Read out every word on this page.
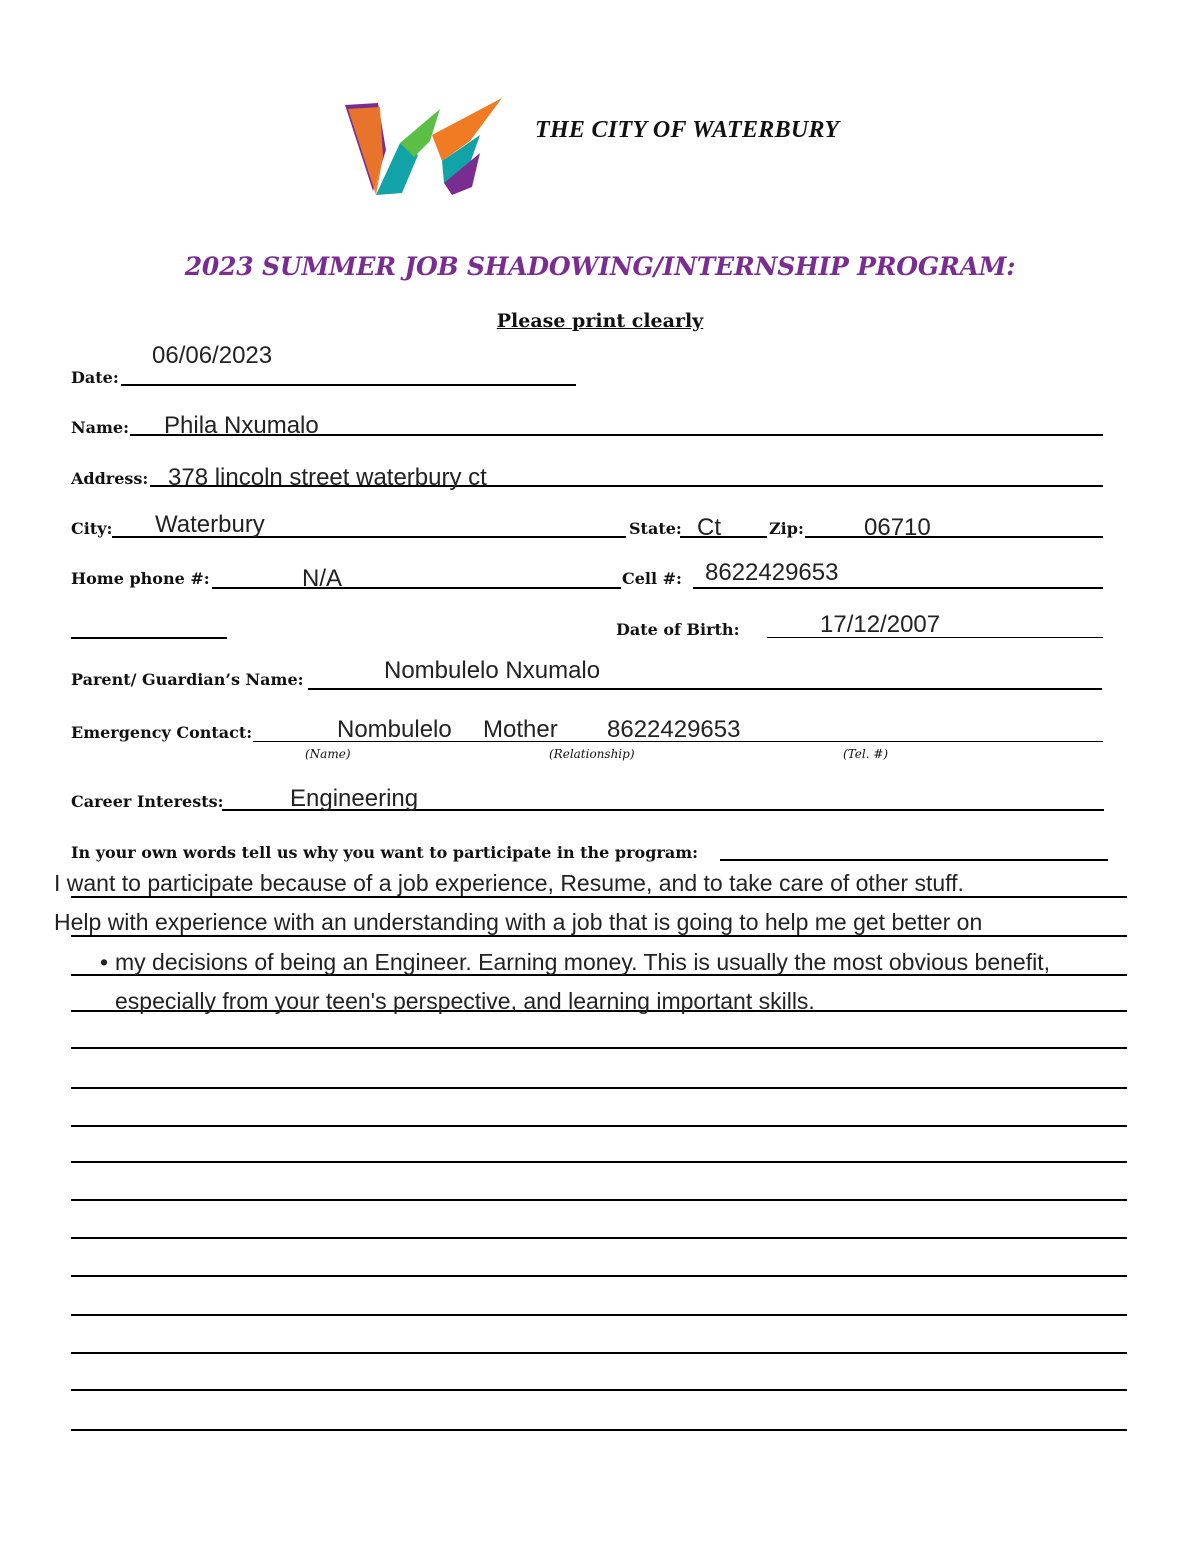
THE CITY OF WATERBURY
2023 SUMMER JOB SHADOWING/INTERNSHIP PROGRAM:
Please print clearly
Date:
06/06/2023
Name: Phila Nxumalo
Address: 378 lincoln street waterbury ct
City: Waterbury	State: Ct	Zip:	06710
Home phone #:	N/A	Cell #: 8622429653
Date of Birth:	17/12/2007
Parent/ Guardian’s Name:	Nombulelo Nxumalo
Emergency Contact:	Nombulelo Mother 8622429653
(Name)	(Relationship)	(Tel. #)
Career Interests:	Engineering
In your own words tell us why you want to participate in the program:
I want to participate because of a job experience, Resume, and to take care of other stuff.
Help with experience with an understanding with a job that is going to help me get better on
• my decisions of being an Engineer. Earning money. This is usually the most obvious benefit,
especially from your teen's perspective, and learning important skills.
